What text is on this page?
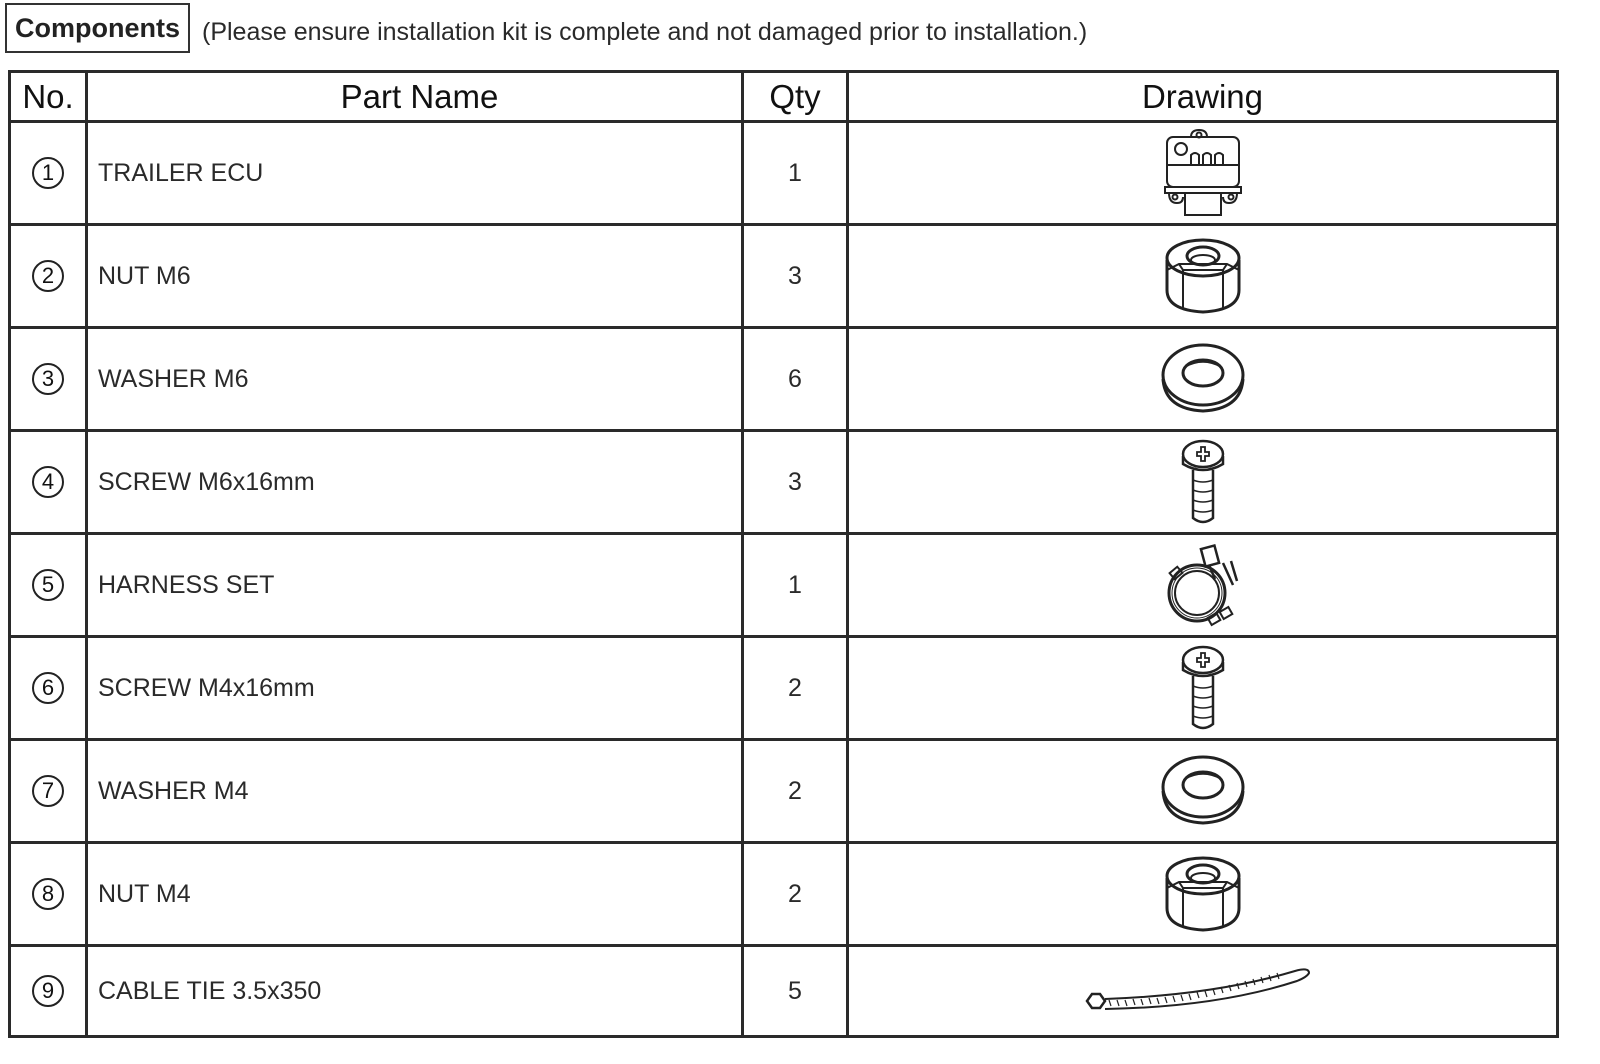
Components (Please ensure installation kit is complete and not damaged prior to installation.)
No.	Part Name	Qty	Drawing
1	TRAILER ECU	1	

2	NUT M6	3	

3	WASHER M6	6	

4	SCREW M6x16mm	3	

5	HARNESS SET	1	

6	SCREW M4x16mm	2	

7	WASHER M4	2	

8	NUT M4	2	

9	CABLE TIE 3.5x350	5	
